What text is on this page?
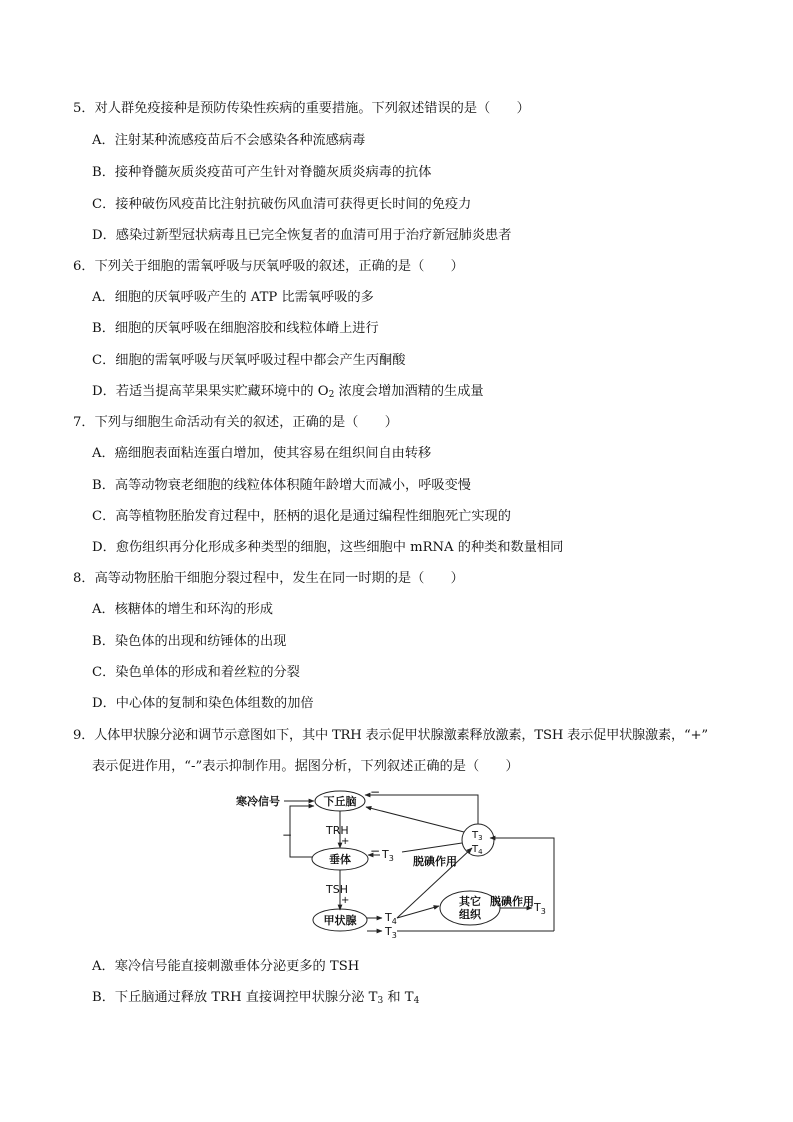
5．对人群免疫接种是预防传染性疾病的重要措施。下列叙述错误的是（　　）
A．注射某种流感疫苗后不会感染各种流感病毒
B．接种脊髓灰质炎疫苗可产生针对脊髓灰质炎病毒的抗体
C．接种破伤风疫苗比注射抗破伤风血清可获得更长时间的免疫力
D．感染过新型冠状病毒且已完全恢复者的血清可用于治疗新冠肺炎患者
6．下列关于细胞的需氧呼吸与厌氧呼吸的叙述，正确的是（　　）
A．细胞的厌氧呼吸产生的 ATP 比需氧呼吸的多
B．细胞的厌氧呼吸在细胞溶胶和线粒体嵴上进行
C．细胞的需氧呼吸与厌氧呼吸过程中都会产生丙酮酸
D．若适当提高苹果果实贮藏环境中的 $O_2$ 浓度会增加酒精的生成量
7．下列与细胞生命活动有关的叙述，正确的是（　　）
A．癌细胞表面粘连蛋白增加，使其容易在组织间自由转移
B．高等动物衰老细胞的线粒体体积随年龄增大而减小，呼吸变慢
C．高等植物胚胎发育过程中，胚柄的退化是通过编程性细胞死亡实现的
D．愈伤组织再分化形成多种类型的细胞，这些细胞中 mRNA 的种类和数量相同
8．高等动物胚胎干细胞分裂过程中，发生在同一时期的是（　　）
A．核糖体的增生和环沟的形成
B．染色体的出现和纺锤体的出现
C．染色单体的形成和着丝粒的分裂
D．中心体的复制和染色体组数的加倍
9．人体甲状腺分泌和调节示意图如下，其中 TRH 表示促甲状腺激素释放激素，TSH 表示促甲状腺激素，“+”
表示促进作用，“-”表示抑制作用。据图分析，下列叙述正确的是（　　）
寒冷信号	下丘脑
垂体
甲状腺
其它
组织
TRH
+
TSH
+
−
−
− $T_3$
$T_3$
$T_4$
脱碘作用
$T_4$
$T_3$
脱碘作用 $T_3$
A．寒冷信号能直接刺激垂体分泌更多的 TSH
B．下丘脑通过释放 TRH 直接调控甲状腺分泌 $T_3$ 和 $T_4$
